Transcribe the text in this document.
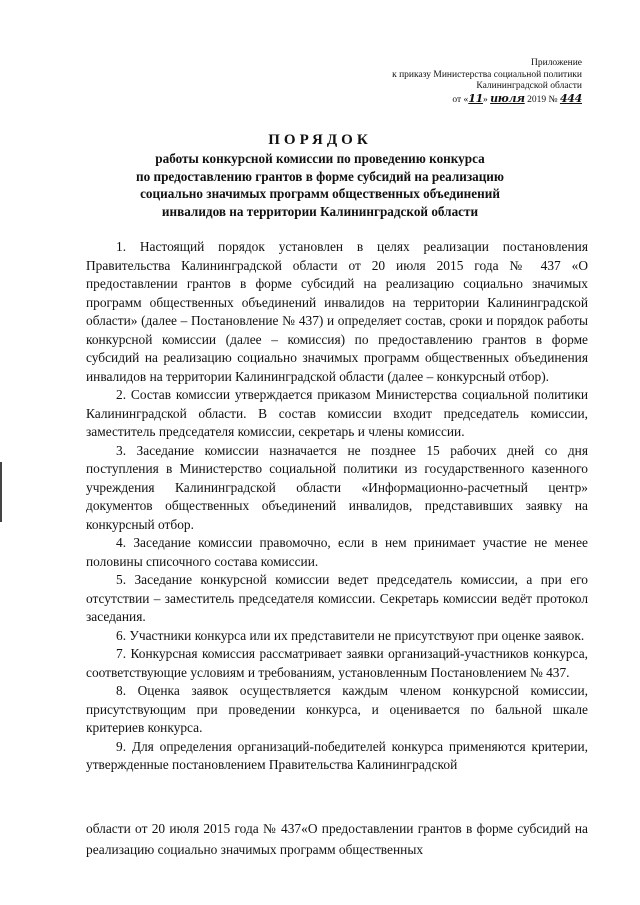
Приложение
к приказу Министерства социальной политики
Калининградской области
от «11» июля 2019 № 444
ПОРЯДОК
работы конкурсной комиссии по проведению конкурса
по предоставлению грантов в форме субсидий на реализацию
социально значимых программ общественных объединений
инвалидов на территории Калининградской области

1. Настоящий порядок установлен в целях реализации постановления Правительства Калининградской области от 20 июля 2015 года № 437 «О предоставлении грантов в форме субсидий на реализацию социально значимых программ общественных объединений инвалидов на территории Калининградской области» (далее – Постановление № 437) и определяет состав, сроки и порядок работы конкурсной комиссии (далее – комиссия) по предоставлению грантов в форме субсидий на реализацию социально значимых программ общественных объединения инвалидов на территории Калининградской области (далее – конкурсный отбор).

2. Состав комиссии утверждается приказом Министерства социальной политики Калининградской области. В состав комиссии входит председатель комиссии, заместитель председателя комиссии, секретарь и члены комиссии.

3. Заседание комиссии назначается не позднее 15 рабочих дней со дня поступления в Министерство социальной политики из государственного казенного учреждения Калининградской области «Информационно-расчетный центр» документов общественных объединений инвалидов, представивших заявку на конкурсный отбор.

4. Заседание комиссии правомочно, если в нем принимает участие не менее половины списочного состава комиссии.

5. Заседание конкурсной комиссии ведет председатель комиссии, а при его отсутствии – заместитель председателя комиссии. Секретарь комиссии ведёт протокол заседания.

6. Участники конкурса или их представители не присутствуют при оценке заявок.

7. Конкурсная комиссия рассматривает заявки организаций-участников конкурса, соответствующие условиям и требованиям, установленным Постановлением № 437.

8. Оценка заявок осуществляется каждым членом конкурсной комиссии, присутствующим при проведении конкурса, и оценивается по бальной шкале критериев конкурса.

9. Для определения организаций-победителей конкурса применяются критерии, утвержденные постановлением Правительства Калининградской

области от 20 июля 2015 года № 437«О предоставлении грантов в форме субсидий на реализацию социально значимых программ общественных
